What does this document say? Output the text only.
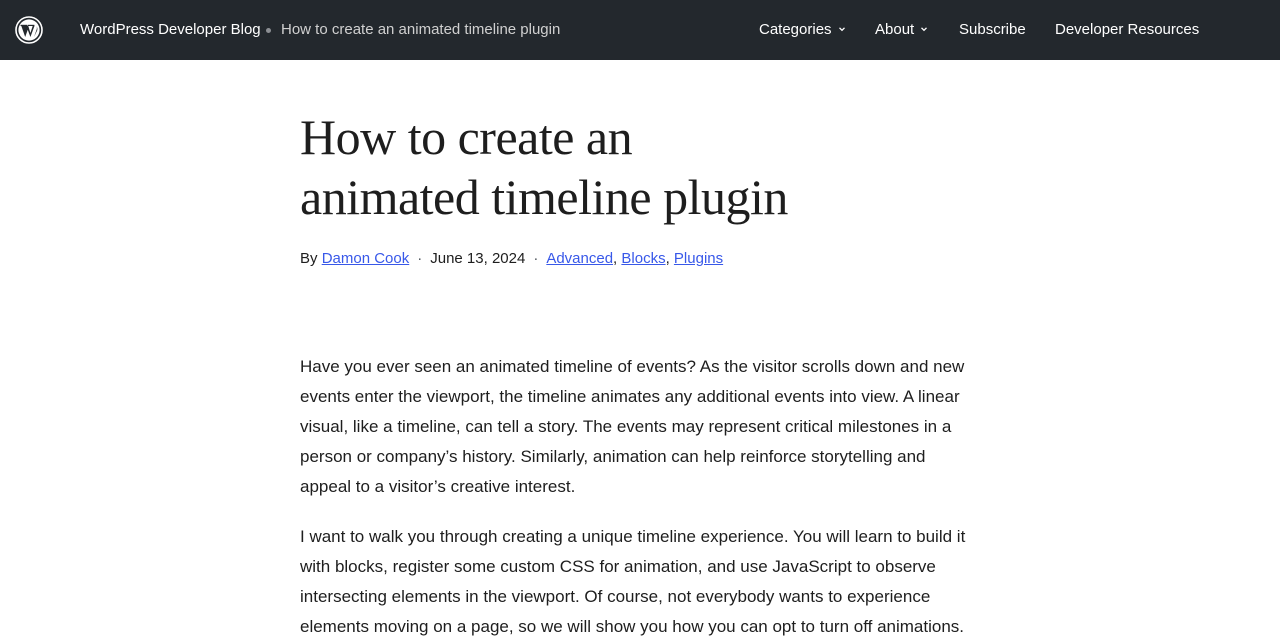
WordPress Developer Blog How to create an animated timeline plugin	Categories	About	Subscribe Developer Resources
How to create an
animated timeline plugin
By Damon Cook · June 13, 2024 · Advanced, Blocks, Plugins

Have you ever seen an animated timeline of events? As the visitor scrolls down and new events enter the viewport, the timeline animates any additional events into view. A linear visual, like a timeline, can tell a story. The events may represent critical milestones in a person or company’s history. Similarly, animation can help reinforce storytelling and appeal to a visitor’s creative interest.

I want to walk you through creating a unique timeline experience. You will learn to build it with blocks, register some custom CSS for animation, and use JavaScript to observe intersecting elements in the viewport. Of course, not everybody wants to experience elements moving on a page, so we will show you how you can opt to turn off animations.
